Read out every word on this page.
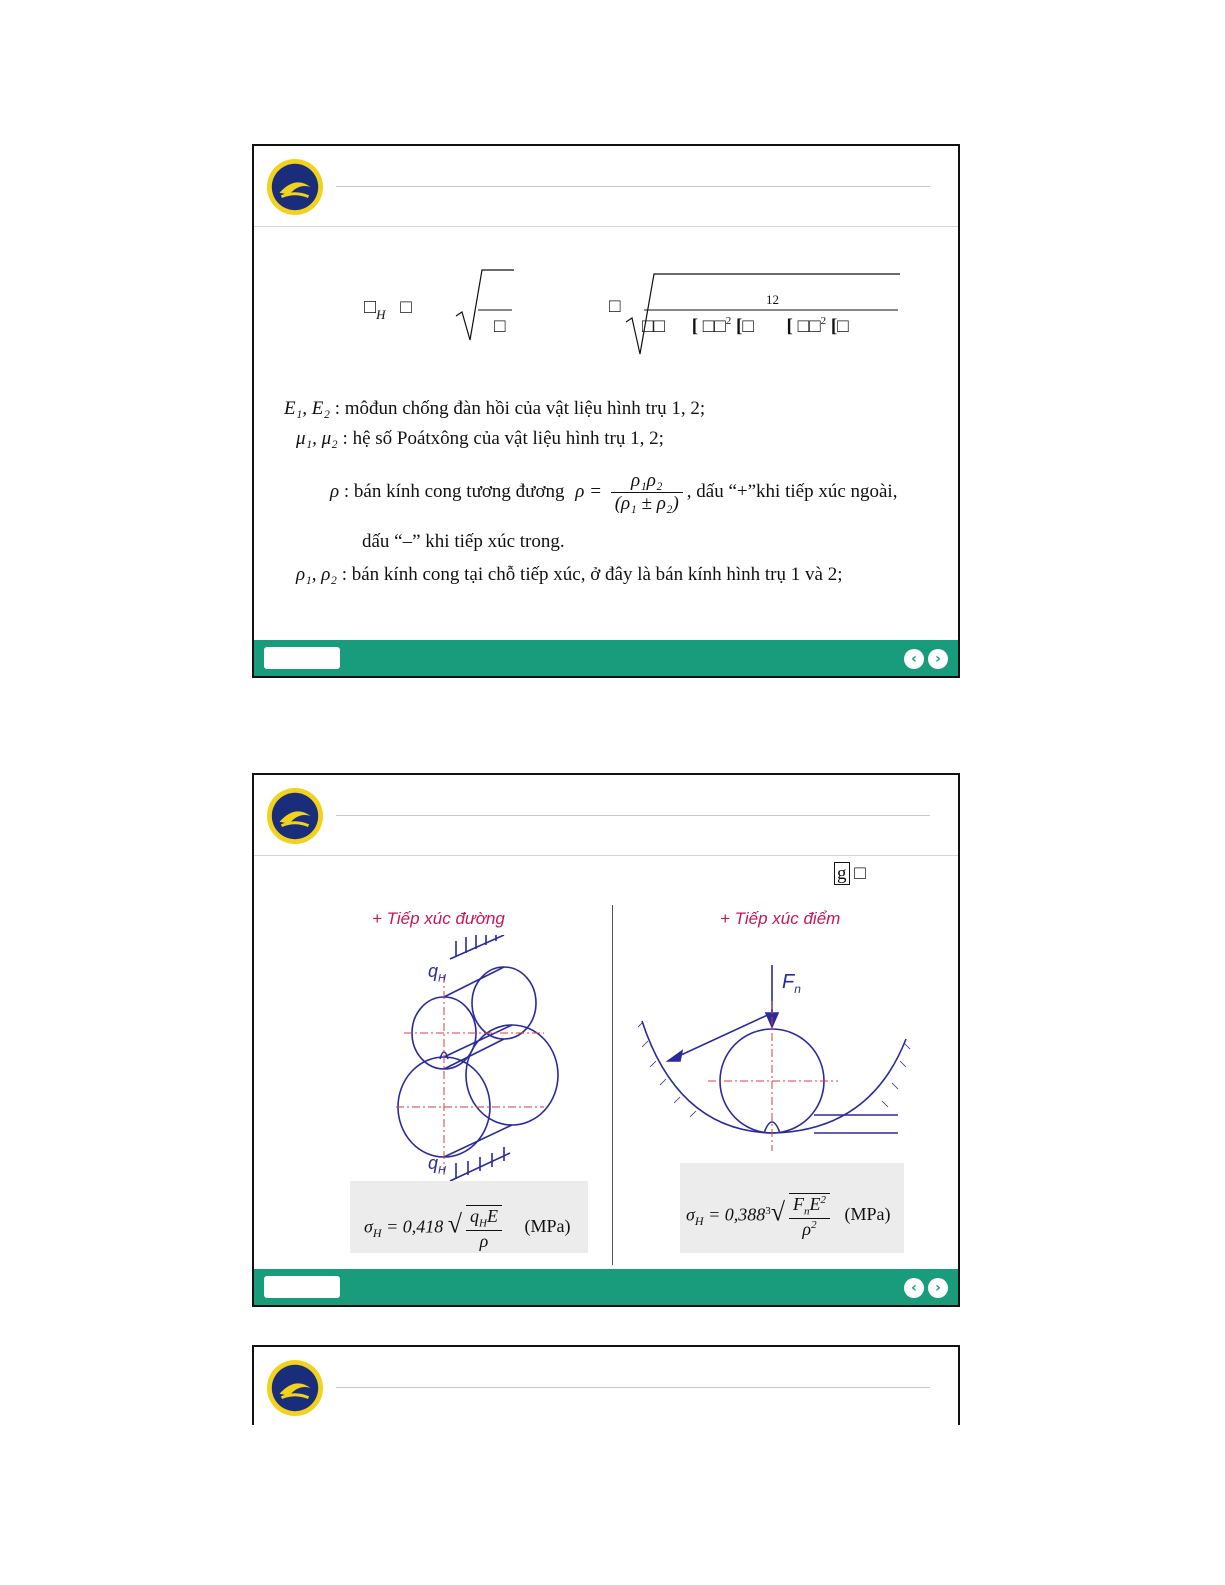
$□_H$ □
□
□	12
□□ [ □□$^2$ [□ [ □□$^2$ [□
E₁, E₂ : môđun chống đàn hồi của vật liệu hình trụ 1, 2;
μ₁, μ₂ : hệ số Poátxông của vật liệu hình trụ 1, 2;
ρ : bán kính cong tương đương $\rho = \frac{\text{ρ₁ρ₂}}{\text{(ρ₁ ± ρ₂)}}$ , dấu “+”khi tiếp xúc ngoài,
dấu “–” khi tiếp xúc trong.
ρ₁, ρ₂ : bán kính cong tại chỗ tiếp xúc, ở đây là bán kính hình trụ 1 và 2;
‹	›
g □
+ Tiếp xúc đường
$q_H$
$q_H$
$\sigma_H = 0,418$ √ $\frac{q_HE}{\rho} (MPa)$
+ Tiếp xúc điểm
$F_n$
$\sigma_H = 0,388^3√ \frac{F_nE^2}{\rho^2} (MPa)$
‹	›
